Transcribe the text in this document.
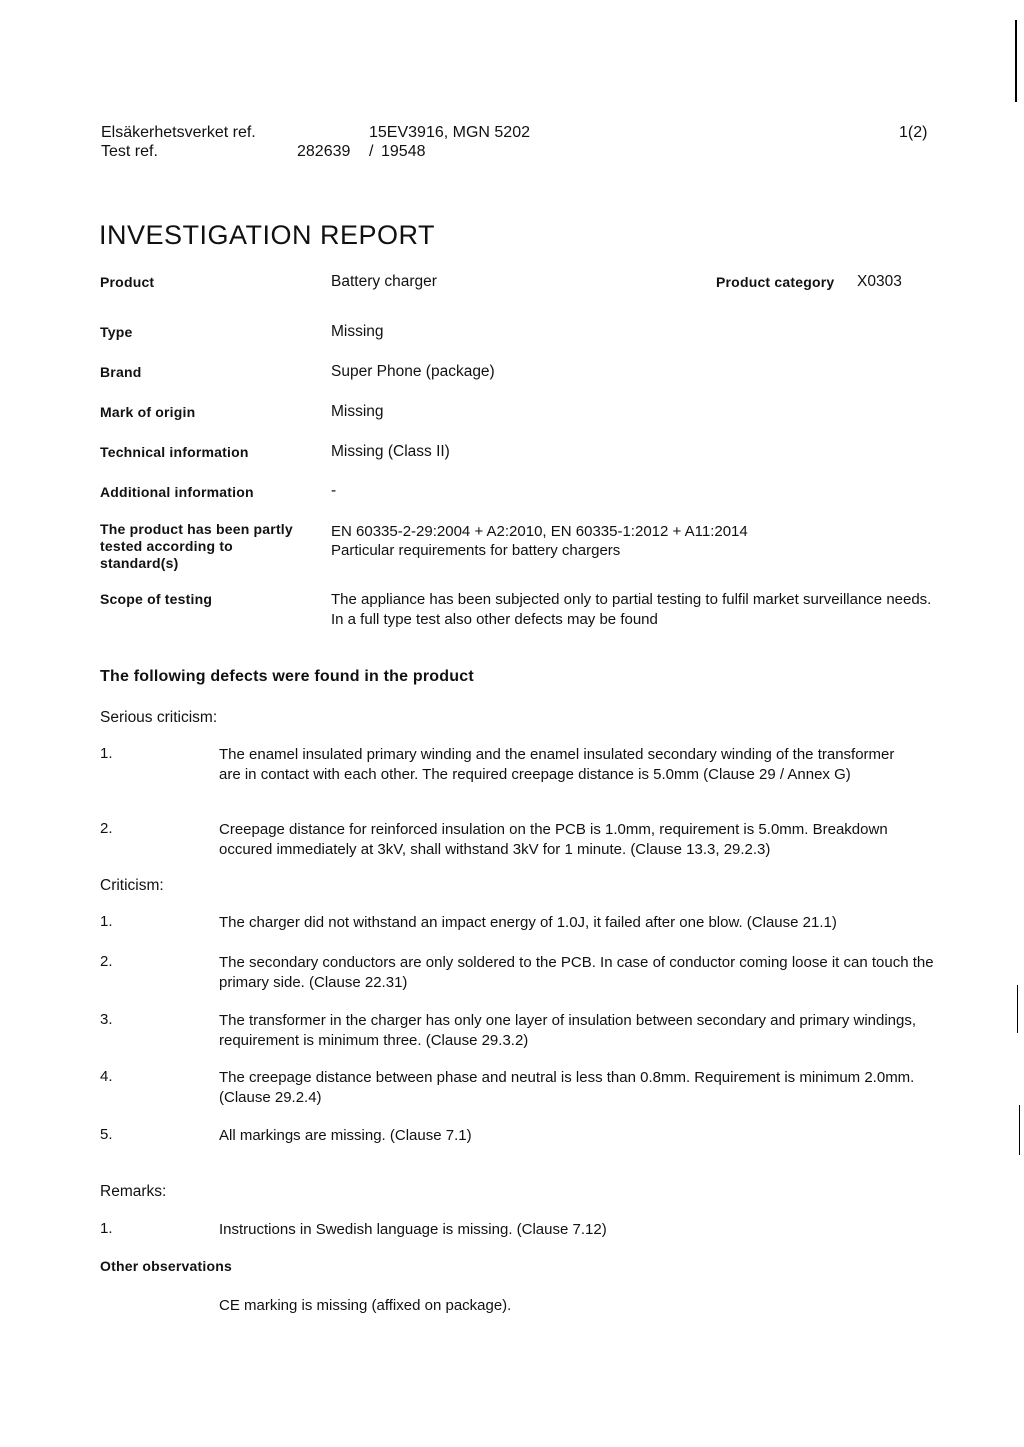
Elsäkerhetsverket ref.	15EV3916, MGN 5202	1(2)
Test ref.	282639 / 19548
INVESTIGATION REPORT
Product	Battery charger	Product category X0303
Type	Missing
Brand	Super Phone (package)
Mark of origin	Missing
Technical information	Missing (Class II)
Additional information	-
The product has been partly tested according to standard(s)
EN 60335-2-29:2004 + A2:2010, EN 60335-1:2012 + A11:2014
Particular requirements for battery chargers
Scope of testing	The appliance has been subjected only to partial testing to fulfil market surveillance needs. In a full type test also other defects may be found
The following defects were found in the product
Serious criticism:
1.	The enamel insulated primary winding and the enamel insulated secondary winding of the transformer are in contact with each other. The required creepage distance is 5.0mm (Clause 29 / Annex G)
2.	Creepage distance for reinforced insulation on the PCB is 1.0mm, requirement is 5.0mm. Breakdown occured immediately at 3kV, shall withstand 3kV for 1 minute. (Clause 13.3, 29.2.3)
Criticism:
1.	The charger did not withstand an impact energy of 1.0J, it failed after one blow. (Clause 21.1)
2.	The secondary conductors are only soldered to the PCB. In case of conductor coming loose it can touch the primary side. (Clause 22.31)
3.	The transformer in the charger has only one layer of insulation between secondary and primary windings, requirement is minimum three. (Clause 29.3.2)
4.	The creepage distance between phase and neutral is less than 0.8mm. Requirement is minimum 2.0mm. (Clause 29.2.4)
5.	All markings are missing. (Clause 7.1)
Remarks:
1.	Instructions in Swedish language is missing. (Clause 7.12)
Other observations
CE marking is missing (affixed on package).
